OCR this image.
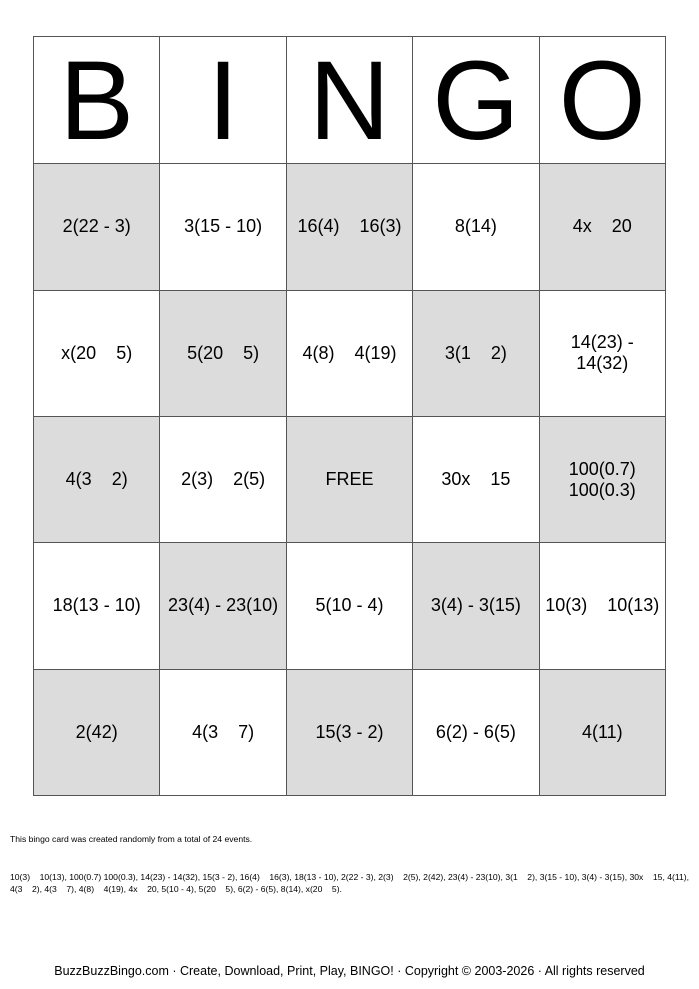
B	I	N	G	O
2(22 - 3)	3(15 - 10)	16(4)    16(3)	8(14)	4x    20
x(20    5)	5(20    5)	4(8)    4(19)	3(1    2)	14(23) -
14(32)
4(3    2)	2(3)    2(5)	FREE	30x    15	100(0.7)
100(0.3)
18(13 - 10)	23(4) - 23(10)	5(10 - 4)	3(4) - 3(15)	10(3)    10(13)
2(42)	4(3    7)	15(3 - 2)	6(2) - 6(5)	4(11)

This bingo card was created randomly from a total of 24 events.

10(3)    10(13), 100(0.7) 100(0.3), 14(23) - 14(32), 15(3 - 2), 16(4)    16(3), 18(13 - 10), 2(22 - 3), 2(3)    2(5), 2(42), 23(4) - 23(10), 3(1    2), 3(15 - 10), 3(4) - 3(15), 30x    15, 4(11), 4(3    2), 4(3    7), 4(8)    4(19), 4x    20, 5(10 - 4), 5(20    5), 6(2) - 6(5), 8(14), x(20    5).

BuzzBuzzBingo.com · Create, Download, Print, Play, BINGO! · Copyright © 2003-2026 · All rights reserved
